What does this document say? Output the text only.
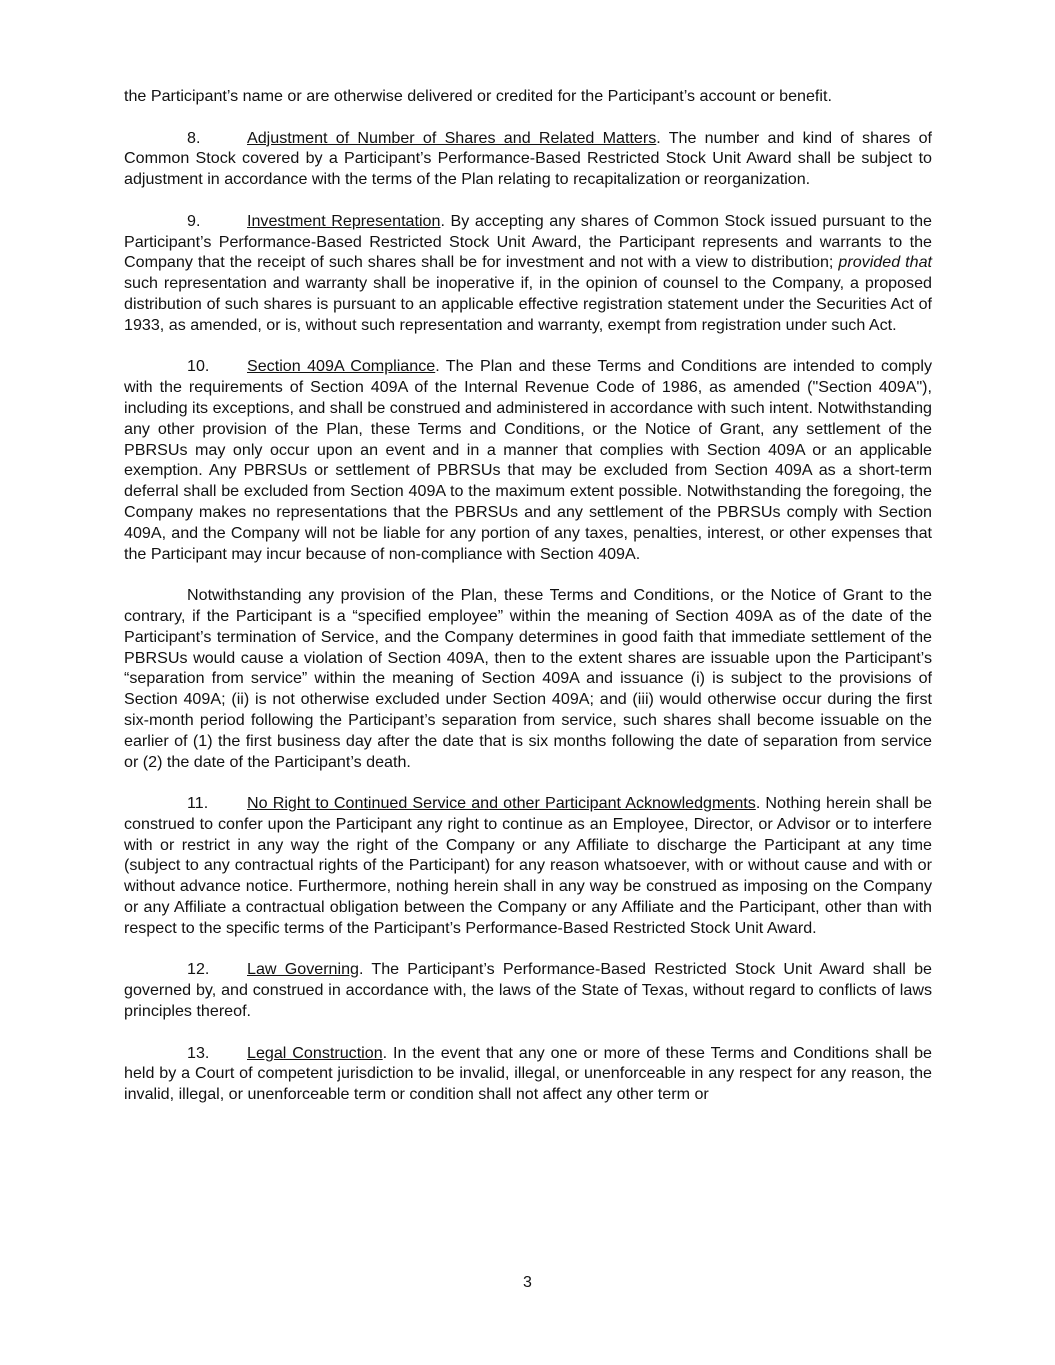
the Participant’s name or are otherwise delivered or credited for the Participant’s account or benefit.

8.	Adjustment of Number of Shares and Related Matters. The number and kind of shares of Common Stock covered by a Participant’s Performance-Based Restricted Stock Unit Award shall be subject to adjustment in accordance with the terms of the Plan relating to recapitalization or reorganization.

9.	Investment Representation. By accepting any shares of Common Stock issued pursuant to the Participant’s Performance-Based Restricted Stock Unit Award, the Participant represents and warrants to the Company that the receipt of such shares shall be for investment and not with a view to distribution; provided that such representation and warranty shall be inoperative if, in the opinion of counsel to the Company, a proposed distribution of such shares is pursuant to an applicable effective registration statement under the Securities Act of 1933, as amended, or is, without such representation and warranty, exempt from registration under such Act.

10. Section 409A Compliance. The Plan and these Terms and Conditions are intended to comply with the requirements of Section 409A of the Internal Revenue Code of 1986, as amended ("Section 409A"), including its exceptions, and shall be construed and administered in accordance with such intent. Notwithstanding any other provision of the Plan, these Terms and Conditions, or the Notice of Grant, any settlement of the PBRSUs may only occur upon an event and in a manner that complies with Section 409A or an applicable exemption. Any PBRSUs or settlement of PBRSUs that may be excluded from Section 409A as a short-term deferral shall be excluded from Section 409A to the maximum extent possible. Notwithstanding the foregoing, the Company makes no representations that the PBRSUs and any settlement of the PBRSUs comply with Section 409A, and the Company will not be liable for any portion of any taxes, penalties, interest, or other expenses that the Participant may incur because of non-compliance with Section 409A.

Notwithstanding any provision of the Plan, these Terms and Conditions, or the Notice of Grant to the contrary, if the Participant is a “specified employee” within the meaning of Section 409A as of the date of the Participant’s termination of Service, and the Company determines in good faith that immediate settlement of the PBRSUs would cause a violation of Section 409A, then to the extent shares are issuable upon the Participant’s “separation from service” within the meaning of Section 409A and issuance (i) is subject to the provisions of Section 409A; (ii) is not otherwise excluded under Section 409A; and (iii) would otherwise occur during the first six-month period following the Participant’s separation from service, such shares shall become issuable on the earlier of (1) the first business day after the date that is six months following the date of separation from service or (2) the date of the Participant’s death.

11. No Right to Continued Service and other Participant Acknowledgments. Nothing herein shall be construed to confer upon the Participant any right to continue as an Employee, Director, or Advisor or to interfere with or restrict in any way the right of the Company or any Affiliate to discharge the Participant at any time (subject to any contractual rights of the Participant) for any reason whatsoever, with or without cause and with or without advance notice. Furthermore, nothing herein shall in any way be construed as imposing on the Company or any Affiliate a contractual obligation between the Company or any Affiliate and the Participant, other than with respect to the specific terms of the Participant’s Performance-Based Restricted Stock Unit Award.

12. Law Governing. The Participant’s Performance-Based Restricted Stock Unit Award shall be governed by, and construed in accordance with, the laws of the State of Texas, without regard to conflicts of laws principles thereof.

13. Legal Construction. In the event that any one or more of these Terms and Conditions shall be held by a Court of competent jurisdiction to be invalid, illegal, or unenforceable in any respect for any reason, the invalid, illegal, or unenforceable term or condition shall not affect any other term or

3
